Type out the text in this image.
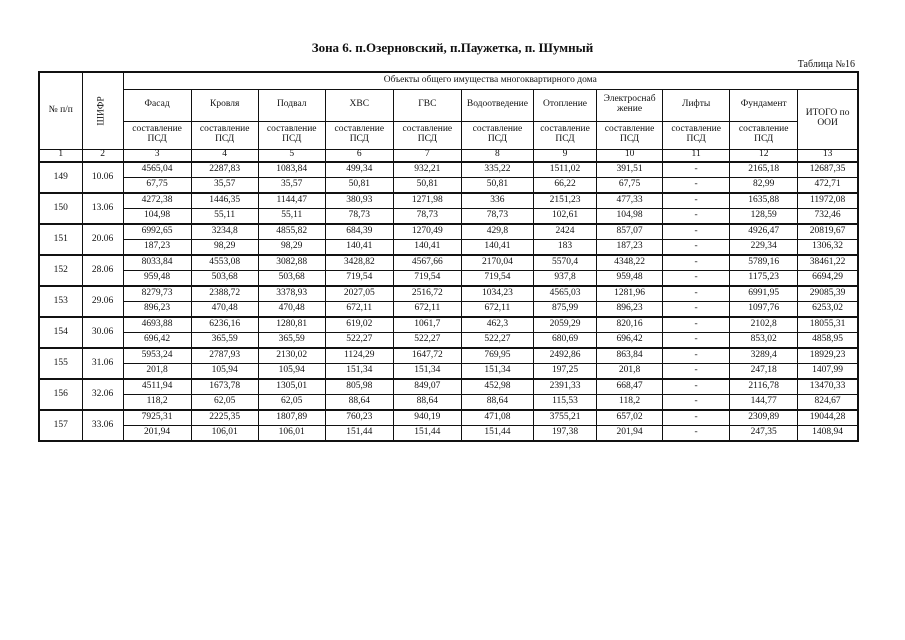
Зона 6. п.Озерновский, п.Паужетка, п. Шумный
Таблица №16
№ п/п	ШИФР	Объекты общего имущества многоквартирного дома										
		Фасад	Кровля	Подвал	ХВС	ГВС	Водоотведение	Отопление	Электроснаб жение	Лифты	Фундамент	ИТОГО по ООИ
		составление ПСД	составление ПСД	составление ПСД	составление ПСД	составление ПСД	составление ПСД	составление ПСД	составление ПСД	составление ПСД	составление ПСД	
1	2	3	4	5	6	7	8	9	10	11	12	13
149	10.06	4565,04	2287,83	1083,84	499,34	932,21	335,22	1511,02	391,51	-	2165,18	12687,35
		67,75	35,57	35,57	50,81	50,81	50,81	66,22	67,75	-	82,99	472,71
150	13.06	4272,38	1446,35	1144,47	380,93	1271,98	336	2151,23	477,33	-	1635,88	11972,08
		104,98	55,11	55,11	78,73	78,73	78,73	102,61	104,98	-	128,59	732,46
151	20.06	6992,65	3234,8	4855,82	684,39	1270,49	429,8	2424	857,07	-	4926,47	20819,67
		187,23	98,29	98,29	140,41	140,41	140,41	183	187,23	-	229,34	1306,32
152	28.06	8033,84	4553,08	3082,88	3428,82	4567,66	2170,04	5570,4	4348,22	-	5789,16	38461,22
		959,48	503,68	503,68	719,54	719,54	719,54	937,8	959,48	-	1175,23	6694,29
153	29.06	8279,73	2388,72	3378,93	2027,05	2516,72	1034,23	4565,03	1281,96	-	6991,95	29085,39
		896,23	470,48	470,48	672,11	672,11	672,11	875,99	896,23	-	1097,76	6253,02
154	30.06	4693,88	6236,16	1280,81	619,02	1061,7	462,3	2059,29	820,16	-	2102,8	18055,31
		696,42	365,59	365,59	522,27	522,27	522,27	680,69	696,42	-	853,02	4858,95
155	31.06	5953,24	2787,93	2130,02	1124,29	1647,72	769,95	2492,86	863,84	-	3289,4	18929,23
		201,8	105,94	105,94	151,34	151,34	151,34	197,25	201,8	-	247,18	1407,99
156	32.06	4511,94	1673,78	1305,01	805,98	849,07	452,98	2391,33	668,47	-	2116,78	13470,33
		118,2	62,05	62,05	88,64	88,64	88,64	115,53	118,2	-	144,77	824,67
157	33.06	7925,31	2225,35	1807,89	760,23	940,19	471,08	3755,21	657,02	-	2309,89	19044,28
		201,94	106,01	106,01	151,44	151,44	151,44	197,38	201,94	-	247,35	1408,94
